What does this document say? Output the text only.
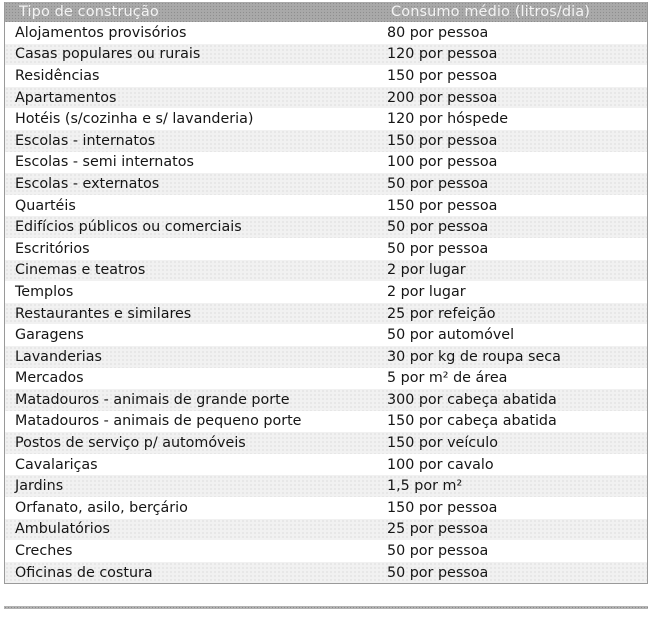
Tipo de construção	Consumo médio (litros/dia)
Alojamentos provisórios	80 por pessoa
Casas populares ou rurais	120 por pessoa
Residências	150 por pessoa
Apartamentos	200 por pessoa
Hotéis (s/cozinha e s/ lavanderia)	120 por hóspede
Escolas - internatos	150 por pessoa
Escolas - semi internatos	100 por pessoa
Escolas - externatos	50 por pessoa
Quartéis	150 por pessoa
Edifícios públicos ou comerciais	50 por pessoa
Escritórios	50 por pessoa
Cinemas e teatros	2 por lugar
Templos	2 por lugar
Restaurantes e similares	25 por refeição
Garagens	50 por automóvel
Lavanderias	30 por kg de roupa seca
Mercados	5 por m² de área
Matadouros - animais de grande porte	300 por cabeça abatida
Matadouros - animais de pequeno porte	150 por cabeça abatida
Postos de serviço p/ automóveis	150 por veículo
Cavalariças	100 por cavalo
Jardins	1,5 por m²
Orfanato, asilo, berçário	150 por pessoa
Ambulatórios	25 por pessoa
Creches	50 por pessoa
Oficinas de costura	50 por pessoa
